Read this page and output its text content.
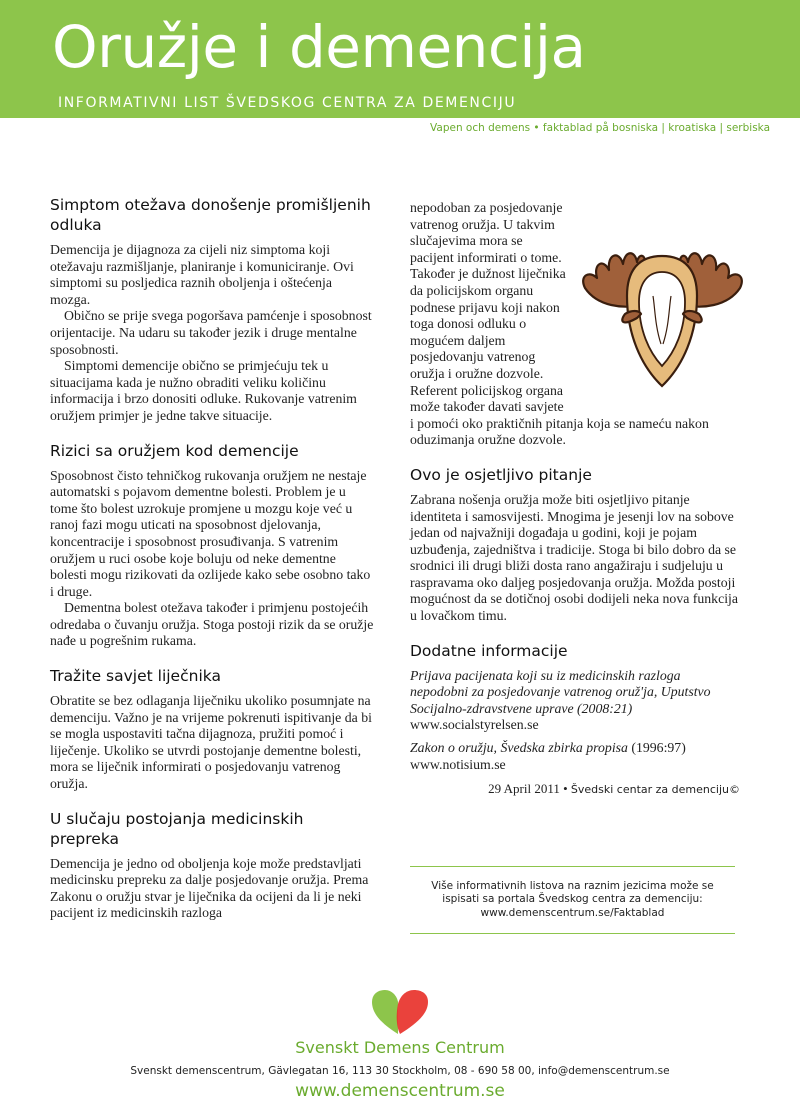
Oružje i demencija
INFORMATIVNI LIST ŠVEDSKOG CENTRA ZA DEMENCIJU
Vapen och demens • faktablad på bosniska | kroatiska | serbiska
Simptom otežava donošenje promišljenih odluka

Demencija je dijagnoza za cijeli niz simptoma koji otežavaju razmišljanje, planiranje i komuniciranje. Ovi simptomi su posljedica raznih oboljenja i oštećenja mozga.

Obično se prije svega pogoršava pamćenje i sposobnost orijentacije. Na udaru su također jezik i druge mentalne sposobnosti.

Simptomi demencije obično se primjećuju tek u situacijama kada je nužno obraditi veliku količinu informacija i brzo donositi odluke. Rukovanje vatrenim oružjem primjer je jedne takve situacije.

Rizici sa oružjem kod demencije

Sposobnost čisto tehničkog rukovanja oružjem ne nestaje automatski s pojavom dementne bolesti. Problem je u tome što bolest uzrokuje promjene u mozgu koje već u ranoj fazi mogu uticati na sposobnost djelovanja, koncentracije i sposobnost prosuđivanja. S vatrenim oružjem u ruci osobe koje boluju od neke dementne bolesti mogu rizikovati da ozlijede kako sebe osobno tako i druge.

Dementna bolest otežava također i primjenu postojećih odredaba o čuvanju oružja. Stoga postoji rizik da se oružje nađe u pogrešnim rukama.

Tražite savjet liječnika

Obratite se bez odlaganja liječniku ukoliko posumnjate na demenciju. Važno je na vrijeme pokrenuti ispitivanje da bi se mogla uspostaviti tačna dijagnoza, pružiti pomoć i liječenje. Ukoliko se utvrdi postojanje dementne bolesti, mora se liječnik informirati o posjedovanju vatrenog oružja.

U slučaju postojanja medicinskih prepreka

Demencija je jedno od oboljenja koje može predstavljati medicinsku prepreku za dalje posjedovanje oružja. Prema Zakonu o oružju stvar je liječnika da ocijeni da li je neki pacijent iz medicinskih razloga

nepodoban za posjedovanje vatrenog oružja. U takvim slučajevima mora se pacijent informirati o tome. Također je dužnost liječnika da policijskom organu podnese prijavu koji nakon toga donosi odluku o mogućem daljem posjedovanju vatrenog oružja i oružne dozvole. Referent policijskog organa može također davati savjete i pomoći oko praktičnih pitanja koja se nameću nakon oduzimanja oružne dozvole.

Ovo je osjetljivo pitanje

Zabrana nošenja oružja može biti osjetljivo pitanje identiteta i samosvijesti. Mnogima je jesenji lov na sobove jedan od najvažniji događaja u godini, koji je pojam uzbuđenja, zajedništva i tradicije. Stoga bi bilo dobro da se srodnici ili drugi bliži dosta rano angažiraju i sudjeluju u raspravama oko daljeg posjedovanja oružja. Možda postoji mogućnost da se dotičnoj osobi dodijeli neka nova funkcija u lovačkom timu.

Dodatne informacije

Prijava pacijenata koji su iz medicinskih razloga nepodobni za posjedovanje vatrenog oruž'ja, Uputstvo Socijalno-zdravstvene uprave (2008:21)

www.socialstyrelsen.se

Zakon o oružju, Švedska zbirka propisa (1996:97)

www.notisium.se

29 April 2011 • Švedski centar za demenciju©
Više informativnih listova na raznim jezicima može se
ispisati sa portala Švedskog centra za demenciju:
www.demenscentrum.se/Faktablad
Svenskt Demens Centrum
Svenskt demenscentrum, Gävlegatan 16, 113 30 Stockholm, 08 - 690 58 00, info@demenscentrum.se
www.demenscentrum.se
